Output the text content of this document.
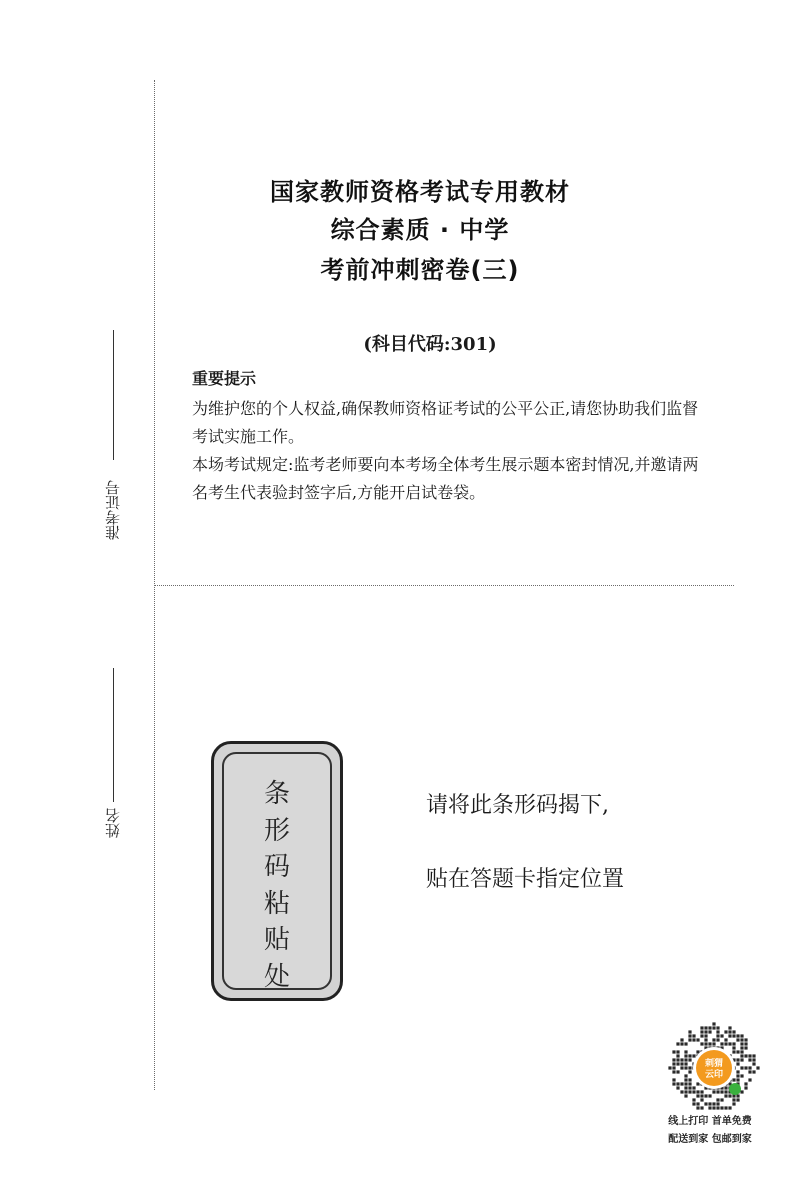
准考证号
姓名
国家教师资格考试专用教材
综合素质 · 中学
考前冲刺密卷(三)
(科目代码:301)
重要提示
为维护您的个人权益,确保教师资格证考试的公平公正,请您协助我们监督考试实施工作。
本场考试规定:监考老师要向本考场全体考生展示题本密封情况,并邀请两名考生代表验封签字后,方能开启试卷袋。
条
形
码
粘
贴
处
请将此条形码揭下,
贴在答题卡指定位置
刺猬
云印
线上打印 首单免费
配送到家 包邮到家
